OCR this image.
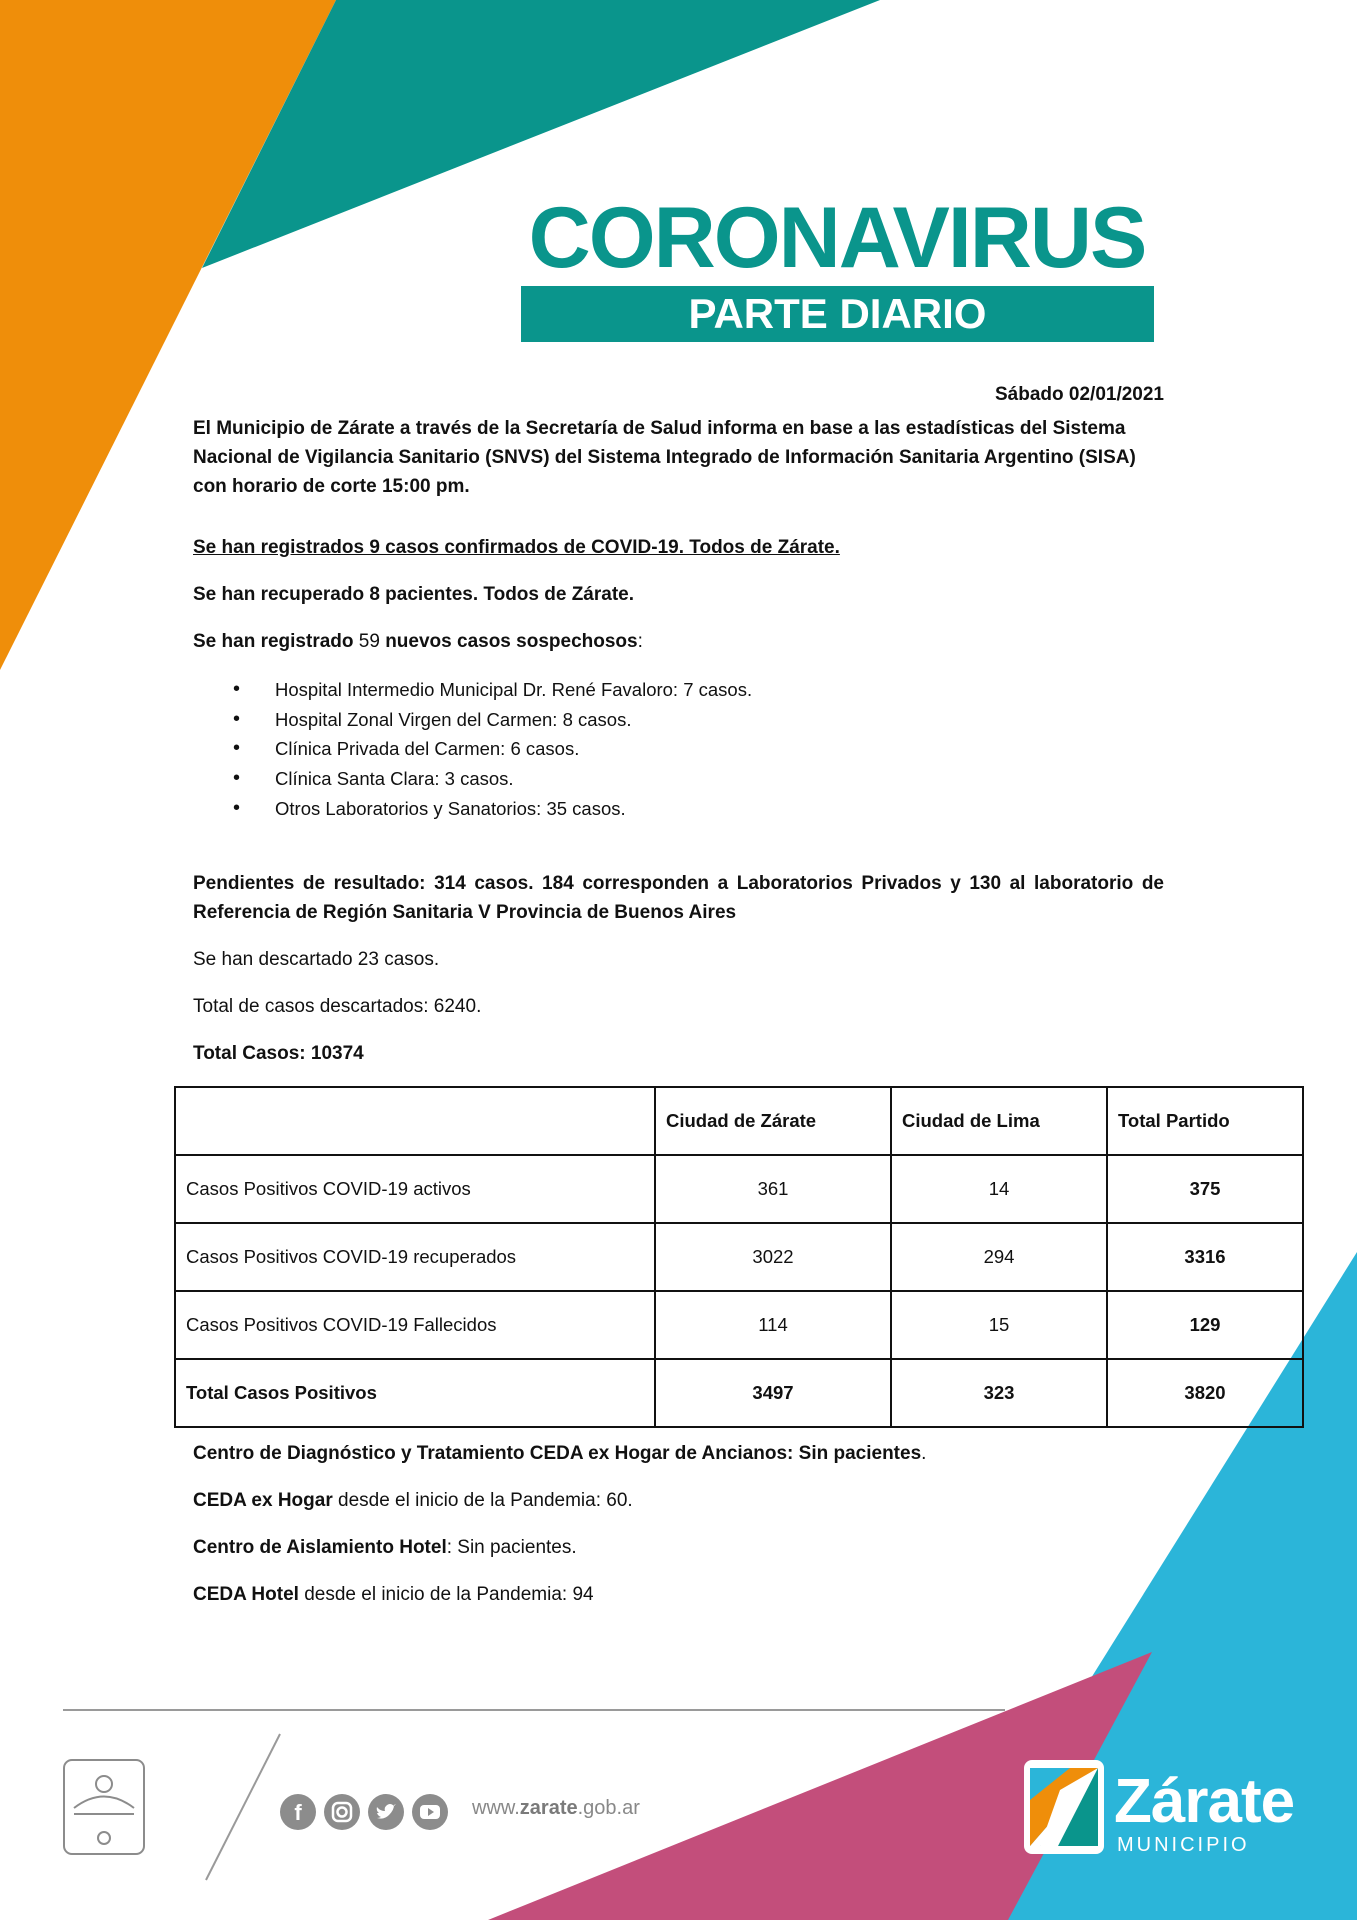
CORONAVIRUS
PARTE DIARIO
Sábado 02/01/2021

El Municipio de Zárate a través de la Secretaría de Salud informa en base a las estadísticas del Sistema Nacional de Vigilancia Sanitario (SNVS) del Sistema Integrado de Información Sanitaria Argentino (SISA) con horario de corte 15:00 pm.

Se han registrados 9 casos confirmados de COVID-19. Todos de Zárate.

Se han recuperado 8 pacientes. Todos de Zárate.

Se han registrado 59 nuevos casos sospechosos:

• Hospital Intermedio Municipal Dr. René Favaloro: 7 casos.
• Hospital Zonal Virgen del Carmen: 8 casos.
• Clínica Privada del Carmen: 6 casos.
• Clínica Santa Clara: 3 casos.
• Otros Laboratorios y Sanatorios: 35 casos.

Pendientes de resultado: 314 casos. 184 corresponden a Laboratorios Privados y 130 al laboratorio de Referencia de Región Sanitaria V Provincia de Buenos Aires

Se han descartado 23 casos.

Total de casos descartados: 6240.

Total Casos: 10374

	Ciudad de Zárate	Ciudad de Lima	Total Partido
Casos Positivos COVID-19 activos	361	14	375
Casos Positivos COVID-19 recuperados	3022	294	3316
Casos Positivos COVID-19 Fallecidos	114	15	129
Total Casos Positivos	3497	323	3820

Centro de Diagnóstico y Tratamiento CEDA ex Hogar de Ancianos: Sin pacientes.

CEDA ex Hogar desde el inicio de la Pandemia: 60.

Centro de Aislamiento Hotel: Sin pacientes.

CEDA Hotel desde el inicio de la Pandemia: 94

f	www.zarate.gob.ar	Zárate
MUNICIPIO
